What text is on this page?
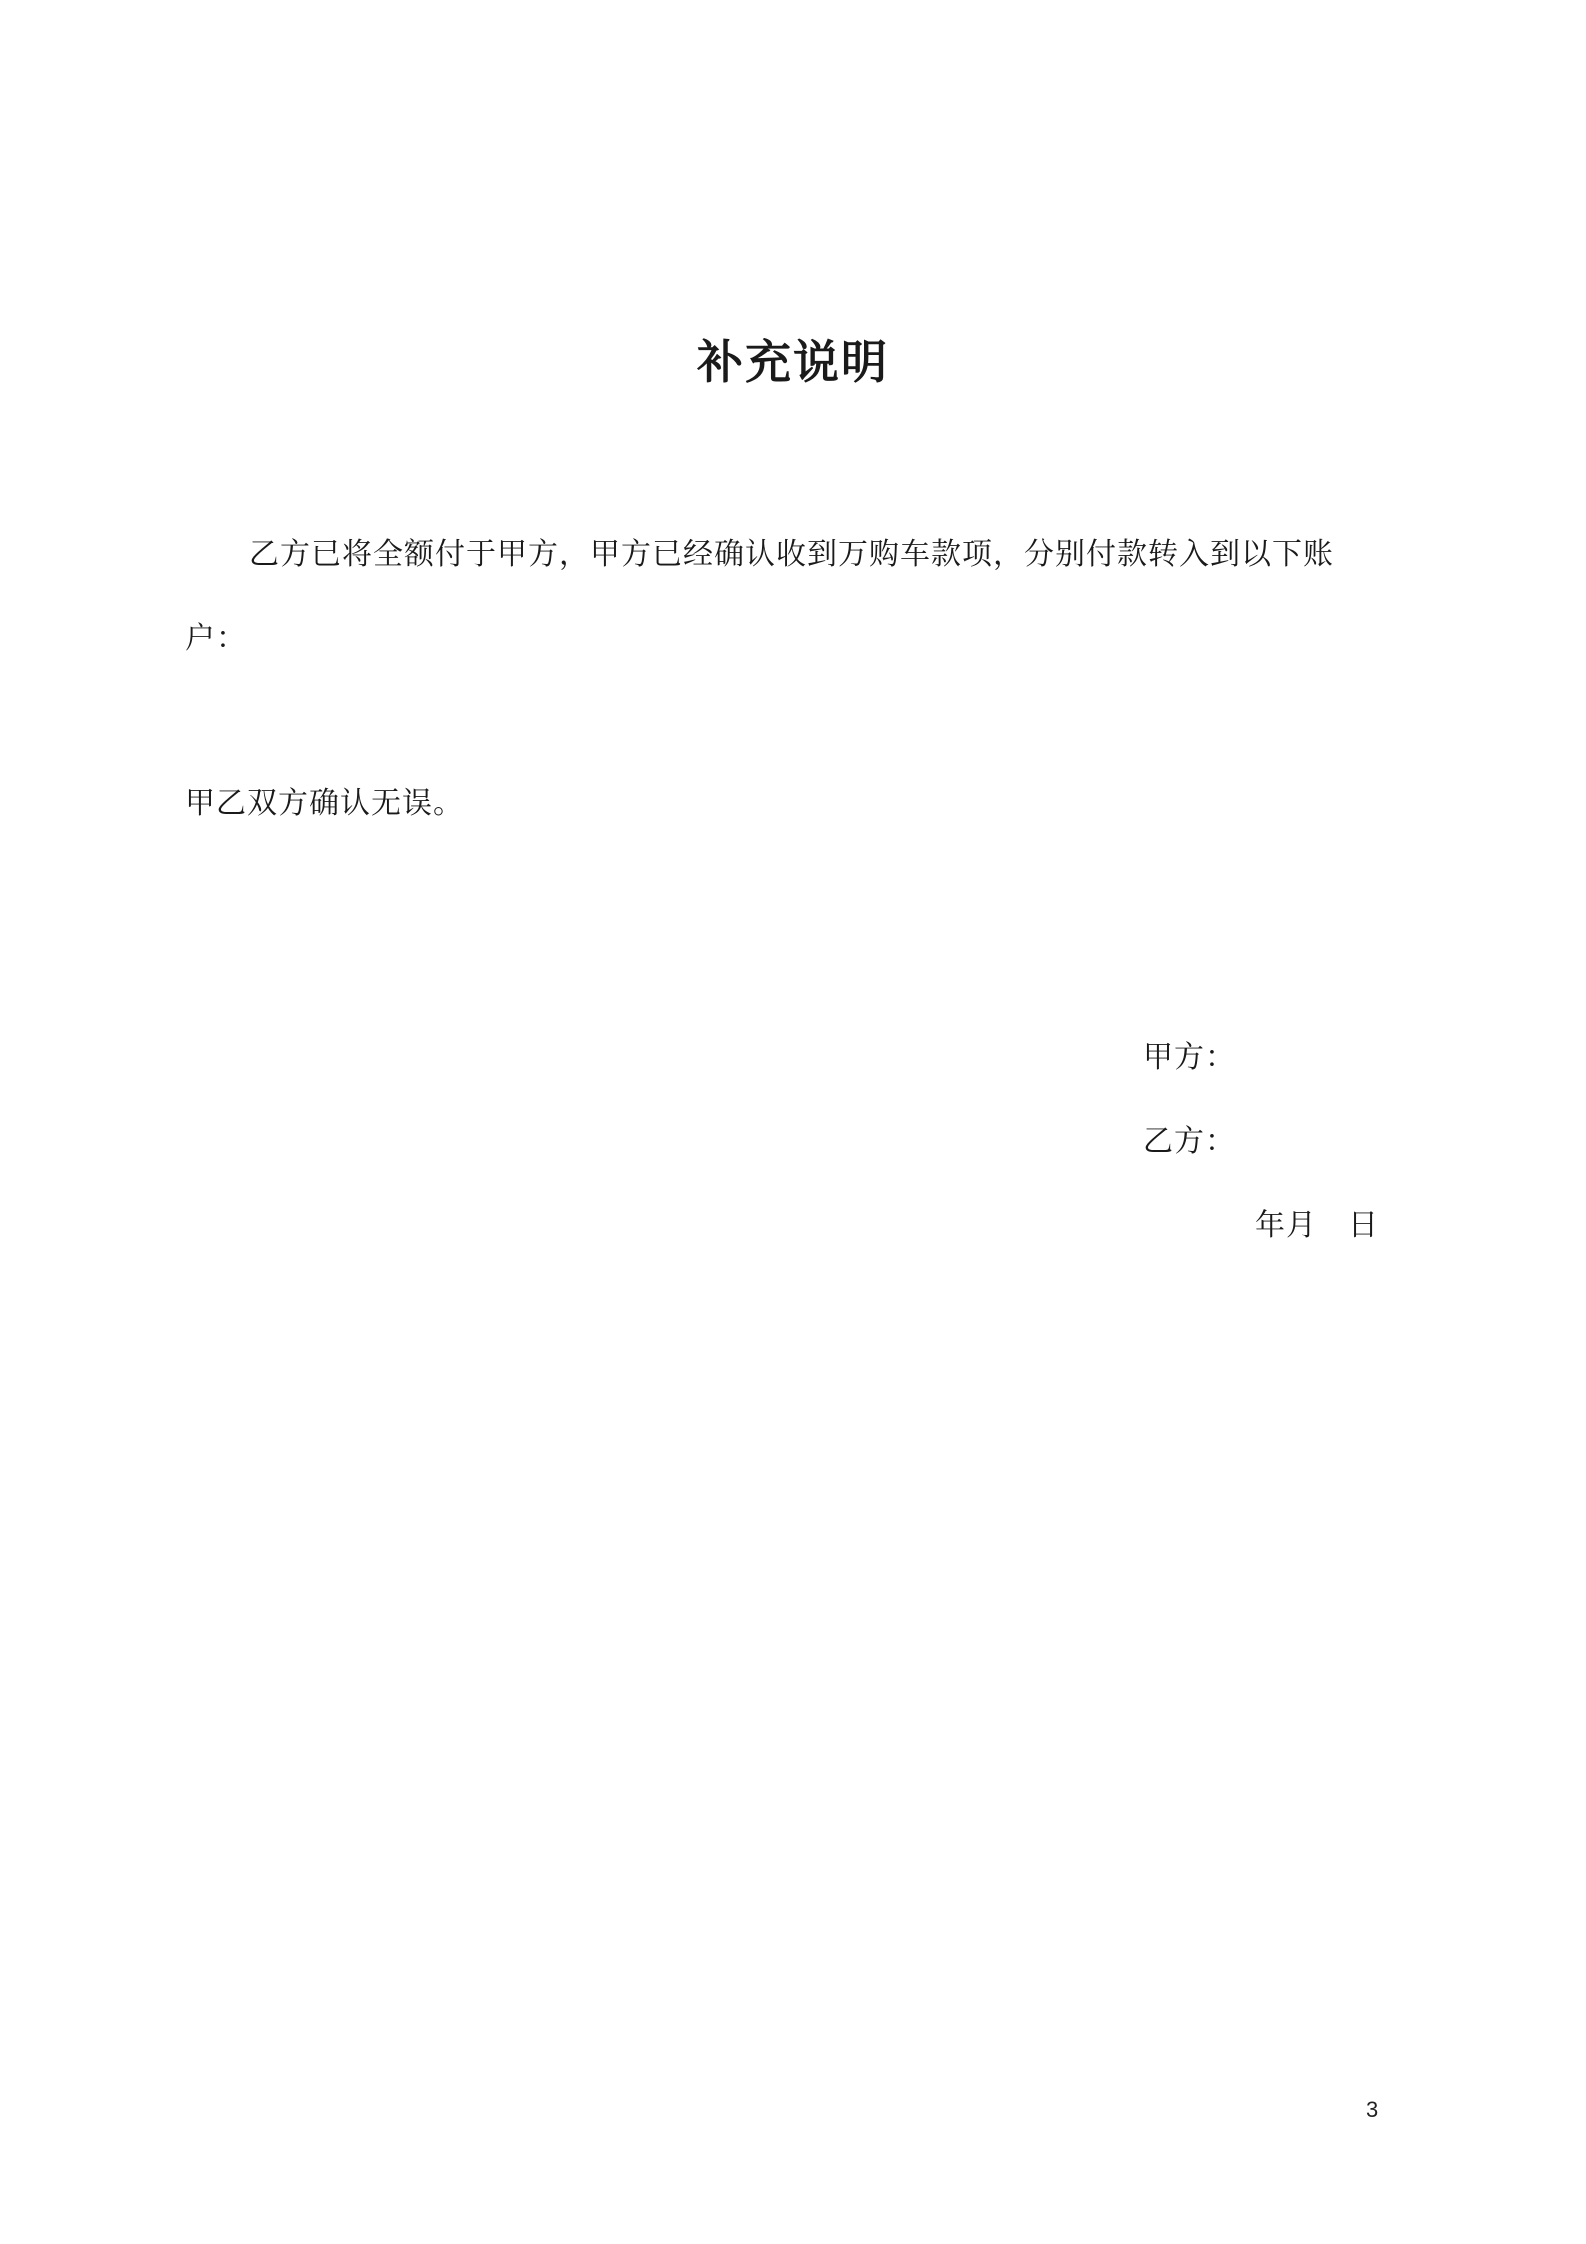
补充说明
乙方已将全额付于甲方，甲方已经确认收到万购车款项，分别付款转入到以下账户：
甲乙双方确认无误。
甲方：
乙方：
年月　日
3
